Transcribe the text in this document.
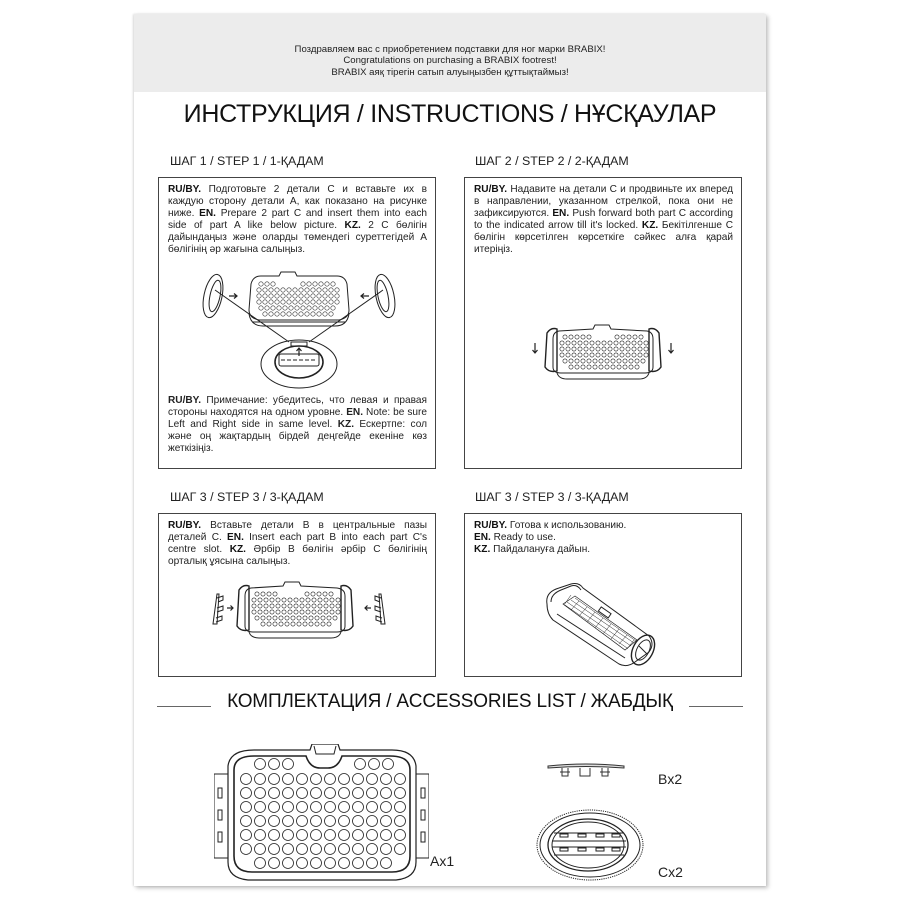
Поздравляем вас с приобретением подставки для ног марки BRABIX!
Congratulations on purchasing a BRABIX footrest!
BRABIX аяқ тірегін сатып алуыңызбен құттықтаймыз!
ИНСТРУКЦИЯ / INSTRUCTIONS / НҰСҚАУЛАР
ШАГ 1 / STEP 1 / 1-ҚАДАМ
RU/BY. Подготовьте 2 детали С и вставьте их в каждую сторону детали А, как показано на рисунке ниже. EN. Prepare 2 part C and insert them into each side of part A like below picture. KZ. 2 С бөлігін дайындаңыз және оларды төмендегі суреттегідей А бөлігінің әр жағына салыңыз.
RU/BY. Примечание: убедитесь, что левая и правая стороны находятся на одном уровне. EN. Note: be sure Left and Right side in same level. KZ. Ескертпе: сол және оң жақтардың бірдей деңгейде екеніне көз жеткізіңіз.
ШАГ 2 / STEP 2 / 2-ҚАДАМ
RU/BY. Надавите на детали С и продвиньте их вперед в направлении, указанном стрелкой, пока они не зафиксируются. EN. Push forward both part C according to the indicated arrow till it's locked. KZ. Бекітілгенше С бөлігін көрсетілген көрсеткіге сәйкес алға қарай итеріңіз.
ШАГ 3 / STEP 3 / 3-ҚАДАМ
RU/BY. Вставьте детали В в центральные пазы деталей С. EN. Insert each part B into each part C's centre slot. KZ. Әрбір В бөлігін әрбір С бөлігінің орталық ұясына салыңыз.
ШАГ 3 / STEP 3 / 3-ҚАДАМ
RU/BY. Готова к использованию.
EN. Ready to use.
KZ. Пайдалануға дайын.
КОМПЛЕКТАЦИЯ / ACCESSORIES LIST / ЖАБДЫҚ
Ax1
Bx2
Cx2
